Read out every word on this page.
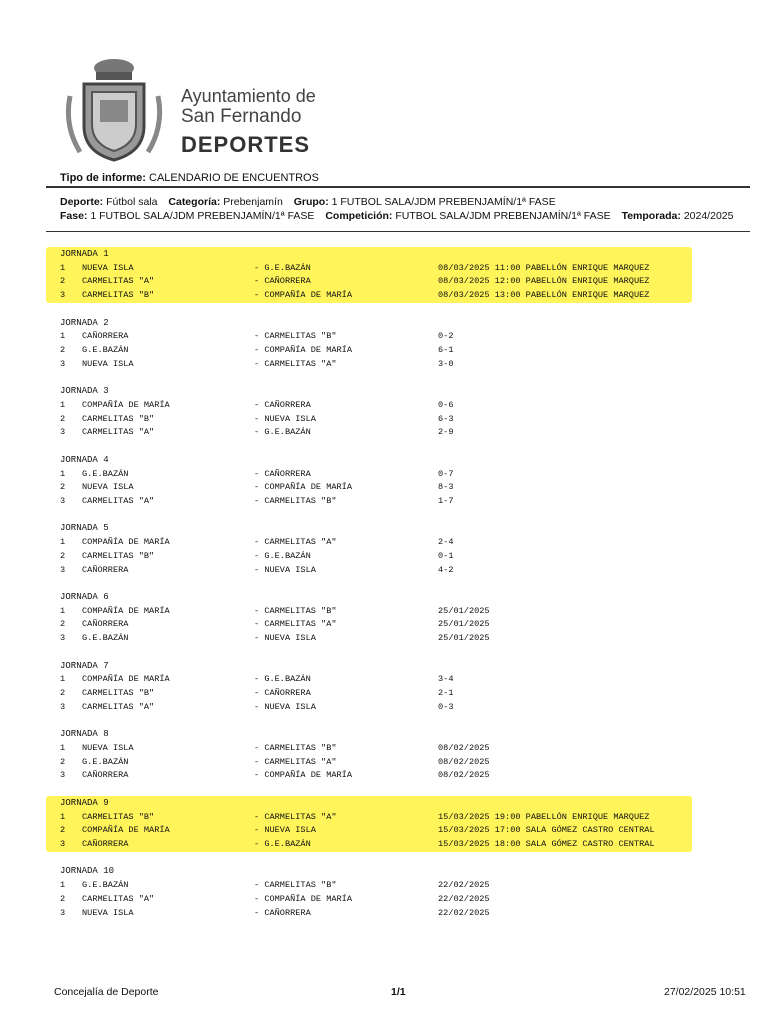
Ayuntamiento de
San Fernando
DEPORTES
Tipo de informe: CALENDARIO DE ENCUENTROS
Deporte: Fútbol sala Categoría: Prebenjamín Grupo: 1 FUTBOL SALA/JDM PREBENJAMÍN/1ª FASE
Fase: 1 FUTBOL SALA/JDM PREBENJAMÍN/1ª FASE Competición: FUTBOL SALA/JDM PREBENJAMÍN/1ª FASE Temporada: 2024/2025
JORNADA 1
1 NUEVA ISLA	- G.E.BAZÁN	08/03/2025 11:00 PABELLÓN ENRIQUE MARQUEZ
2 CARMELITAS "A"	- CAÑORRERA	08/03/2025 12:00 PABELLÓN ENRIQUE MARQUEZ
3 CARMELITAS "B"	- COMPAÑÍA DE MARÍA	08/03/2025 13:00 PABELLÓN ENRIQUE MARQUEZ
JORNADA 2
1 CAÑORRERA	- CARMELITAS "B"	0-2
2 G.E.BAZÁN	- COMPAÑÍA DE MARÍA	6-1
3 NUEVA ISLA	- CARMELITAS "A"	3-0
JORNADA 3
1 COMPAÑÍA DE MARÍA	- CAÑORRERA	0-6
2 CARMELITAS "B"	- NUEVA ISLA	6-3
3 CARMELITAS "A"	- G.E.BAZÁN	2-9
JORNADA 4
1 G.E.BAZÁN	- CAÑORRERA	0-7
2 NUEVA ISLA	- COMPAÑÍA DE MARÍA	8-3
3 CARMELITAS "A"	- CARMELITAS "B"	1-7
JORNADA 5
1 COMPAÑÍA DE MARÍA	- CARMELITAS "A"	2-4
2 CARMELITAS "B"	- G.E.BAZÁN	0-1
3 CAÑORRERA	- NUEVA ISLA	4-2
JORNADA 6
1 COMPAÑÍA DE MARÍA	- CARMELITAS "B"	25/01/2025
2 CAÑORRERA	- CARMELITAS "A"	25/01/2025
3 G.E.BAZÁN	- NUEVA ISLA	25/01/2025
JORNADA 7
1 COMPAÑÍA DE MARÍA	- G.E.BAZÁN	3-4
2 CARMELITAS "B"	- CAÑORRERA	2-1
3 CARMELITAS "A"	- NUEVA ISLA	0-3
JORNADA 8
1 NUEVA ISLA	- CARMELITAS "B"	08/02/2025
2 G.E.BAZÁN	- CARMELITAS "A"	08/02/2025
3 CAÑORRERA	- COMPAÑÍA DE MARÍA	08/02/2025
JORNADA 9
1 CARMELITAS "B"	- CARMELITAS "A"	15/03/2025 19:00 PABELLÓN ENRIQUE MARQUEZ
2 COMPAÑÍA DE MARÍA	- NUEVA ISLA	15/03/2025 17:00 SALA GÓMEZ CASTRO CENTRAL
3 CAÑORRERA	- G.E.BAZÁN	15/03/2025 18:00 SALA GÓMEZ CASTRO CENTRAL
JORNADA 10
1 G.E.BAZÁN	- CARMELITAS "B"	22/02/2025
2 CARMELITAS "A"	- COMPAÑÍA DE MARÍA	22/02/2025
3 NUEVA ISLA	- CAÑORRERA	22/02/2025
Concejalía de Deporte	1/1	27/02/2025 10:51
